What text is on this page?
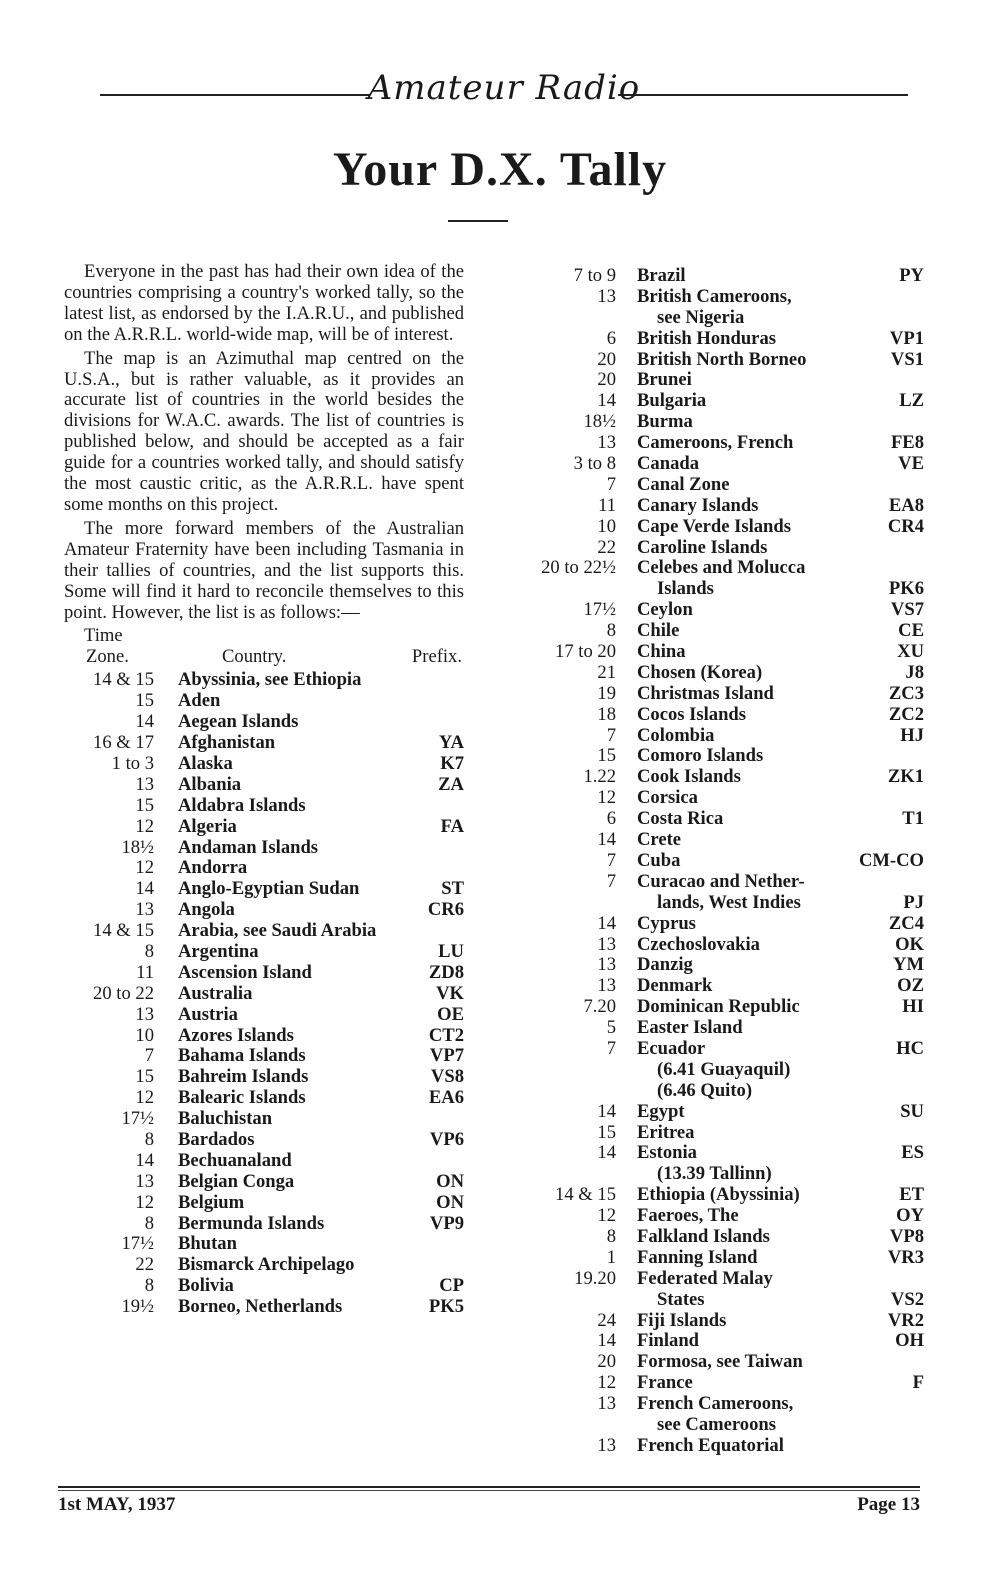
Amateur Radio
Your D.X. Tally

Everyone in the past has had their own idea of the countries comprising a country's worked tally, so the latest list, as endorsed by the I.A.R.U., and published on the A.R.R.L. world-wide map, will be of interest.

The map is an Azimuthal map centred on the U.S.A., but is rather valuable, as it provides an accurate list of countries in the world besides the divisions for W.A.C. awards. The list of countries is published below, and should be accepted as a fair guide for a countries worked tally, and should satisfy the most caustic critic, as the A.R.R.L. have spent some months on this project.

The more forward members of the Australian Amateur Fraternity have been including Tasmania in their tallies of countries, and the list supports this. Some will find it hard to reconcile themselves to this point. However, the list is as follows:—

Time
Zone.	Country.	Prefix.
14 & 15 Abyssinia, see Ethiopia
15 Aden
14 Aegean Islands
16 & 17 Afghanistan	YA
1 to 3 Alaska	K7
13 Albania	ZA
15 Aldabra Islands
12 Algeria	FA
18½ Andaman Islands
12 Andorra
14 Anglo-Egyptian Sudan	ST
13 Angola	CR6
14 & 15 Arabia, see Saudi Arabia
8 Argentina	LU
11 Ascension Island	ZD8
20 to 22 Australia	VK
13 Austria	OE
10 Azores Islands	CT2
7 Bahama Islands	VP7
15 Bahreim Islands	VS8
12 Balearic Islands	EA6
17½ Baluchistan
8 Bardados	VP6
14 Bechuanaland
13 Belgian Conga	ON
12 Belgium	ON
8 Bermunda Islands	VP9
17½ Bhutan
22 Bismarck Archipelago
8 Bolivia	CP
19½ Borneo, Netherlands	PK5
7 to 9 Brazil	PY
13 British Cameroons,
see Nigeria
6 British Honduras	VP1
20 British North Borneo	VS1
20 Brunei
14 Bulgaria	LZ
18½ Burma
13 Cameroons, French	FE8
3 to 8 Canada	VE
7 Canal Zone
11 Canary Islands	EA8
10 Cape Verde Islands	CR4
22 Caroline Islands
20 to 22½ Celebes and Molucca
Islands	PK6
17½ Ceylon	VS7
8 Chile	CE
17 to 20 China	XU
21 Chosen (Korea)	J8
19 Christmas Island	ZC3
18 Cocos Islands	ZC2
7 Colombia	HJ
15 Comoro Islands
1.22 Cook Islands	ZK1
12 Corsica
6 Costa Rica	T1
14 Crete
7 Cuba	CM-CO
7 Curacao and Nether-
lands, West Indies	PJ
14 Cyprus	ZC4
13 Czechoslovakia	OK
13 Danzig	YM
13 Denmark	OZ
7.20 Dominican Republic	HI
5 Easter Island
7 Ecuador	HC
(6.41 Guayaquil)
(6.46 Quito)
14 Egypt	SU
15 Eritrea
14 Estonia	ES
(13.39 Tallinn)
14 & 15 Ethiopia (Abyssinia)	ET
12 Faeroes, The	OY
8 Falkland Islands	VP8
1 Fanning Island	VR3
19.20 Federated Malay
States	VS2
24 Fiji Islands	VR2
14 Finland	OH
20 Formosa, see Taiwan
12 France	F
13 French Cameroons,
see Cameroons
13 French Equatorial
1st MAY, 1937	Page 13
